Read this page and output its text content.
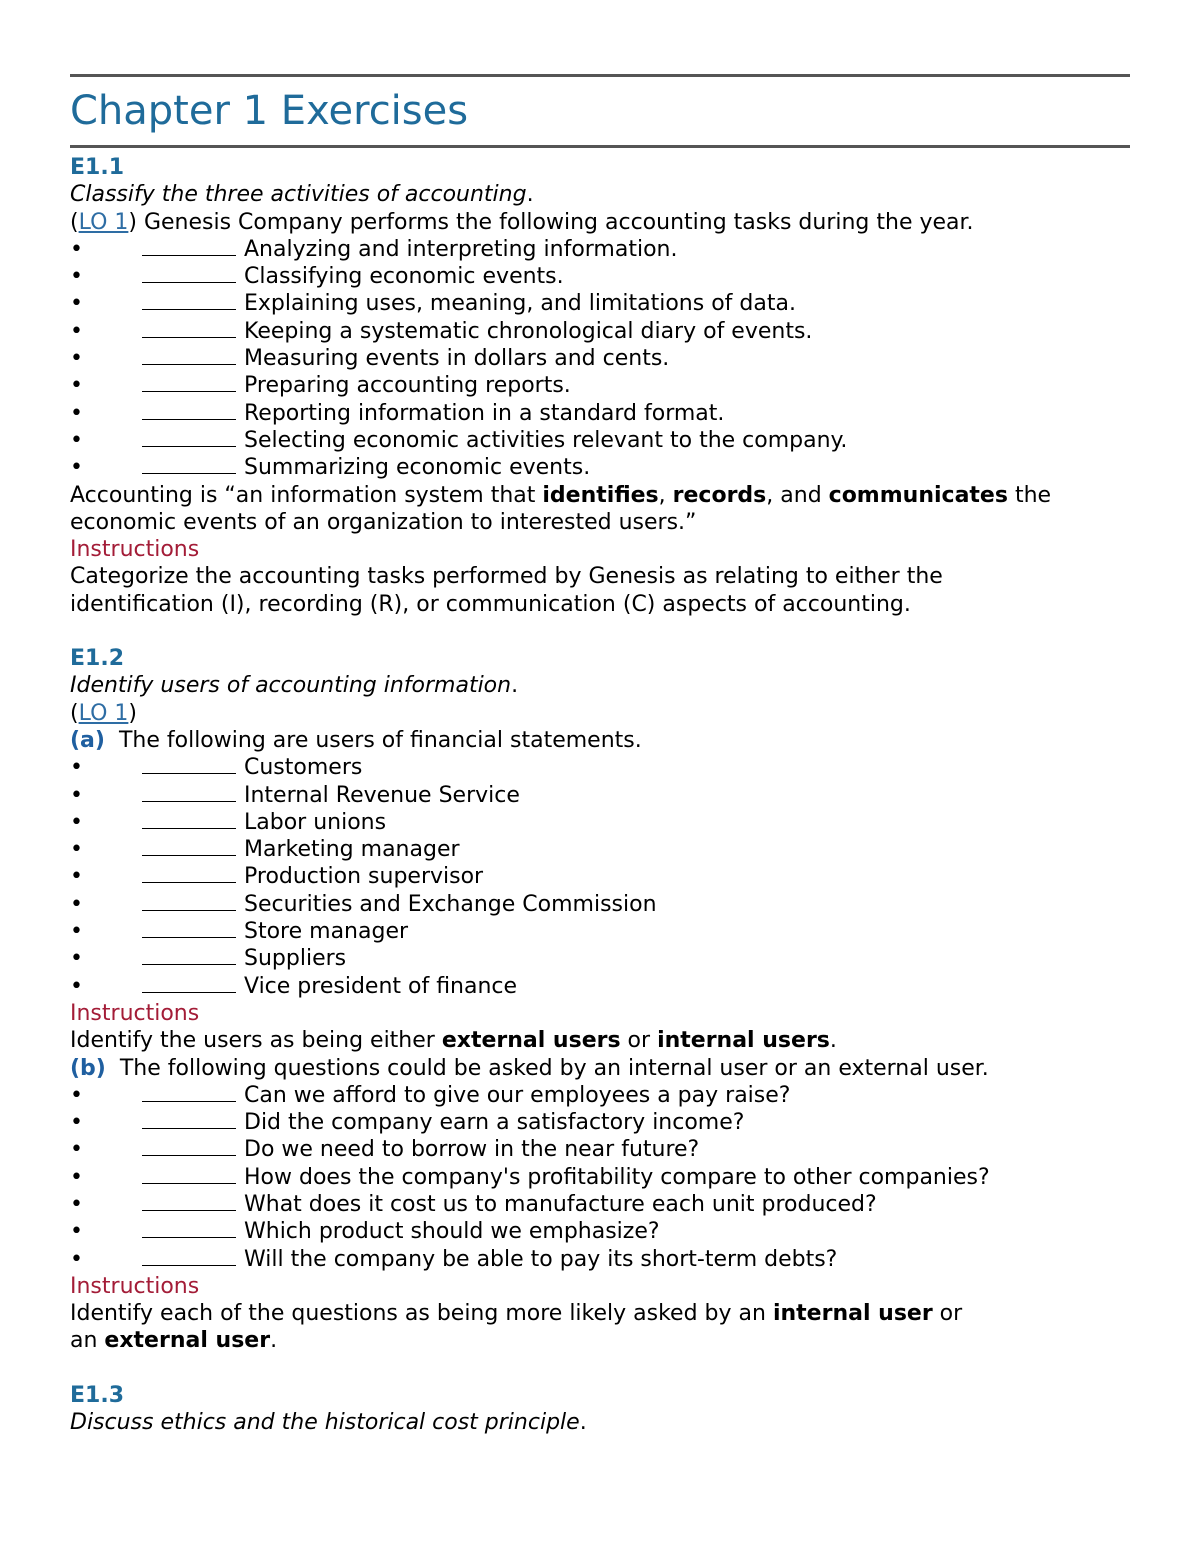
Chapter 1 Exercises
E1.1
Classify the three activities of accounting.
(LO 1) Genesis Company performs the following accounting tasks during the year.
• Analyzing and interpreting information.
• Classifying economic events.
• Explaining uses, meaning, and limitations of data.
• Keeping a systematic chronological diary of events.
• Measuring events in dollars and cents.
• Preparing accounting reports.
• Reporting information in a standard format.
• Selecting economic activities relevant to the company.
• Summarizing economic events.
Accounting is “an information system that identifies, records, and communicates the economic events of an organization to interested users.”
Instructions
Categorize the accounting tasks performed by Genesis as relating to either the identification (I), recording (R), or communication (C) aspects of accounting.
E1.2
Identify users of accounting information.
(LO 1)
(a) The following are users of financial statements.
• Customers
• Internal Revenue Service
• Labor unions
• Marketing manager
• Production supervisor
• Securities and Exchange Commission
• Store manager
• Suppliers
• Vice president of finance
Instructions
Identify the users as being either external users or internal users.
(b) The following questions could be asked by an internal user or an external user.
• Can we afford to give our employees a pay raise?
• Did the company earn a satisfactory income?
• Do we need to borrow in the near future?
• How does the company's profitability compare to other companies?
• What does it cost us to manufacture each unit produced?
• Which product should we emphasize?
• Will the company be able to pay its short-term debts?
Instructions
Identify each of the questions as being more likely asked by an internal user or
an external user.
E1.3
Discuss ethics and the historical cost principle.
